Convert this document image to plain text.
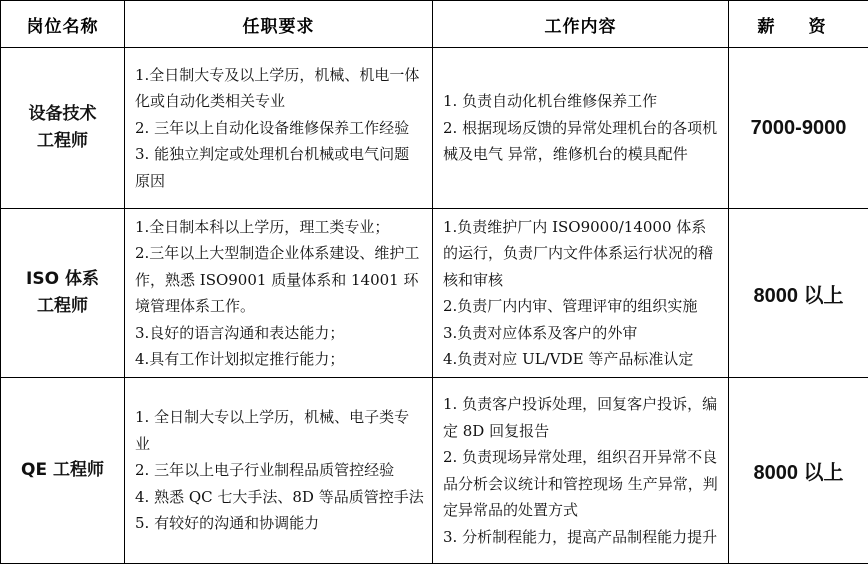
岗位名称	任职要求	工作内容	薪 资

设备技术
工程师	1.全日制大专及以上学历，机械、机电一体化或自动化类相关专业
2. 三年以上自动化设备维修保养工作经验
3. 能独立判定或处理机台机械或电气问题原因	1. 负责自动化机台维修保养工作
2. 根据现场反馈的异常处理机台的各项机械及电气 异常，维修机台的模具配件	7000-9000

ISO 体系
工程师	1.全日制本科以上学历，理工类专业；
2.三年以上大型制造企业体系建设、维护工作，熟悉 ISO9001 质量体系和 14001 环境管理体系工作。
3.良好的语言沟通和表达能力；
4.具有工作计划拟定推行能力；	1.负责维护厂内 ISO9000/14000 体系的运行，负责厂内文件体系运行状况的稽核和审核
2.负责厂内内审、管理评审的组织实施
3.负责对应体系及客户的外审
4.负责对应 UL/VDE 等产品标准认定	8000 以上

QE 工程师	1. 全日制大专以上学历，机械、电子类专业
2. 三年以上电子行业制程品质管控经验
4. 熟悉 QC 七大手法、8D 等品质管控手法
5. 有较好的沟通和协调能力	1. 负责客户投诉处理，回复客户投诉，编定 8D 回复报告
2. 负责现场异常处理，组织召开异常不良品分析会议统计和管控现场 生产异常，判定异常品的处置方式
3. 分析制程能力，提高产品制程能力提升	8000 以上
